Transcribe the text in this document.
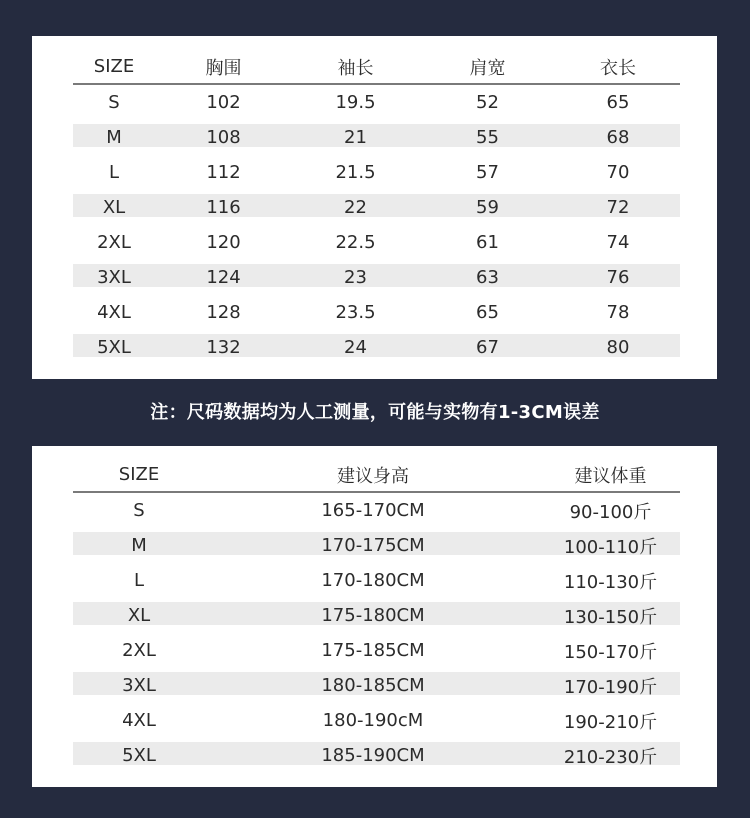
SIZE	胸围	袖长	肩宽	衣长
S	102	19.5	52	65
M	108	21	55	68
L	112	21.5	57	70
XL	116	22	59	72
2XL	120	22.5	61	74
3XL	124	23	63	76
4XL	128	23.5	65	78
5XL	132	24	67	80
注：尺码数据均为人工测量，可能与实物有1-3CM误差
SIZE	建议身高	建议体重
S	165-170CM	90-100斤
M	170-175CM	100-110斤
L	170-180CM	110-130斤
XL	175-180CM	130-150斤
2XL	175-185CM	150-170斤
3XL	180-185CM	170-190斤
4XL	180-190cM	190-210斤
5XL	185-190CM	210-230斤
